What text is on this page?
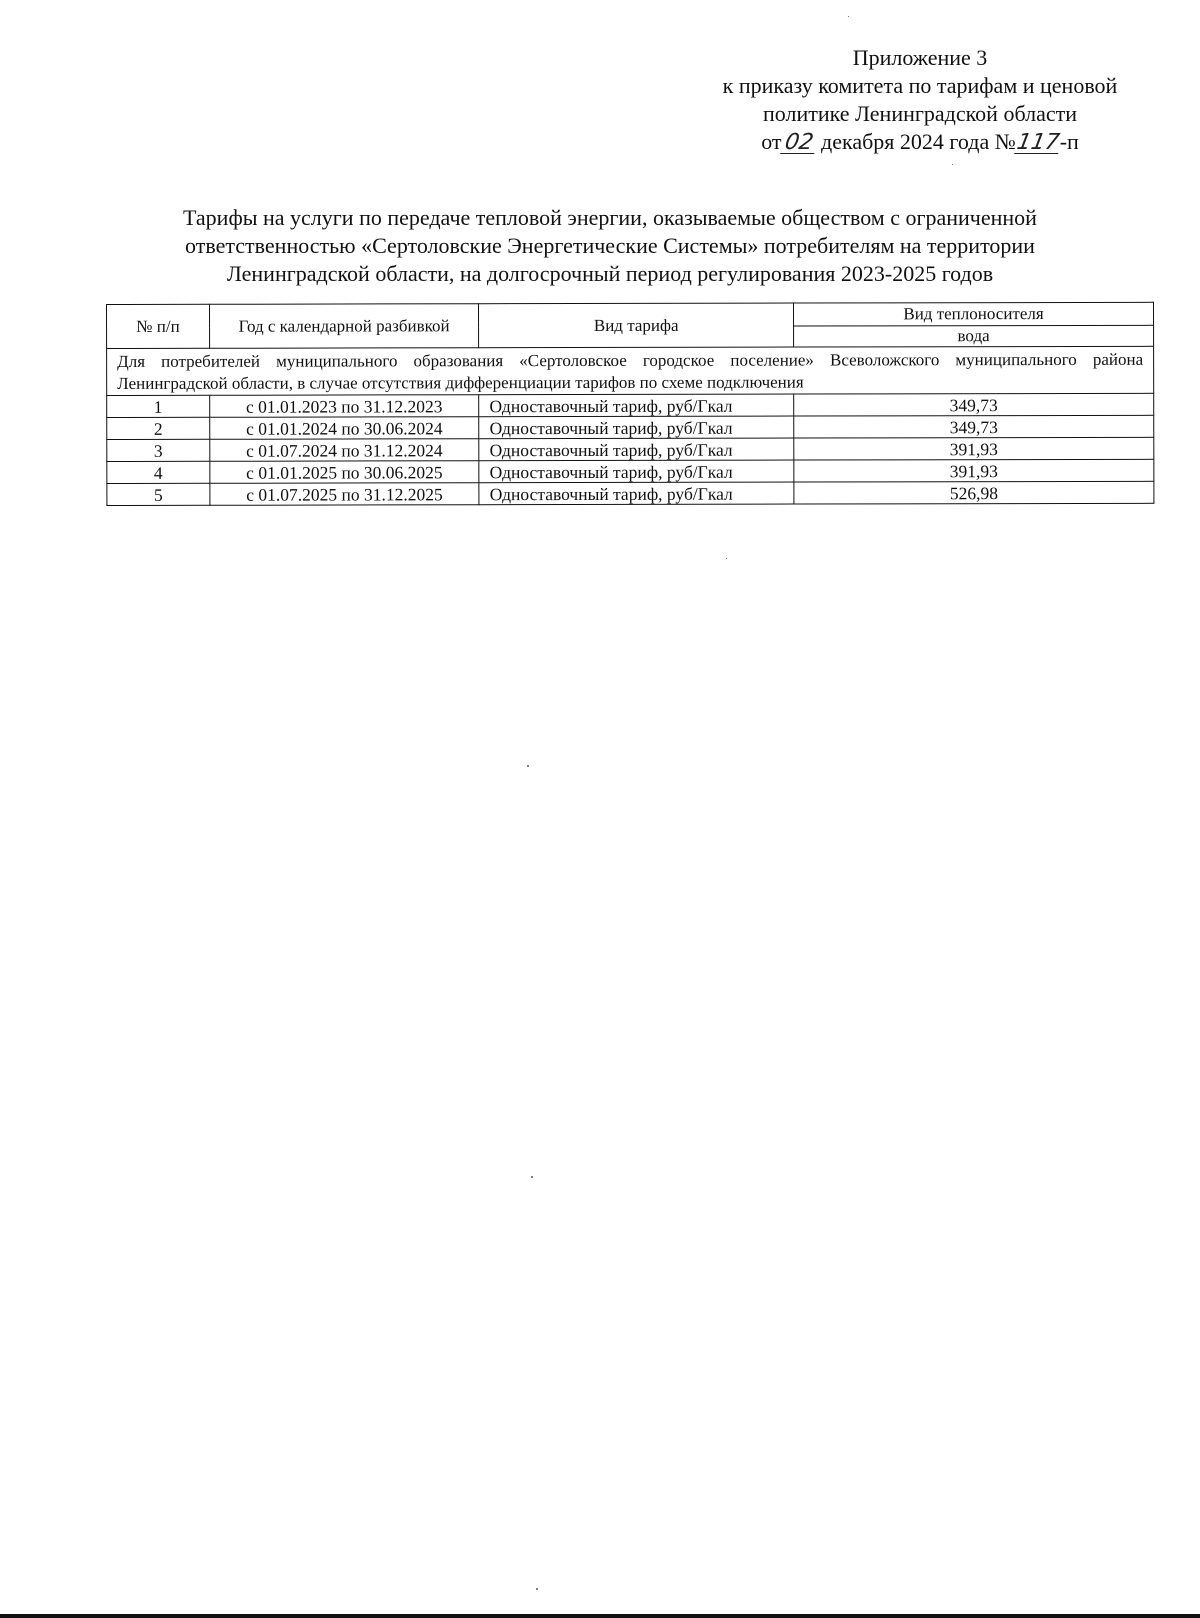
Приложение 3
к приказу комитета по тарифам и ценовой
политике Ленинградской области
от02 декабря 2024 года №117-п
Тарифы на услуги по передаче тепловой энергии, оказываемые обществом с ограниченной
ответственностью «Сертоловские Энергетические Системы» потребителям на территории
Ленинградской области, на долгосрочный период регулирования 2023-2025 годов
№ п/п	Год с календарной разбивкой	Вид тарифа	Вид теплоносителя
			вода
Для потребителей муниципального образования «Сертоловское городское поселение» Всеволожского муниципального района Ленинградской области, в случае отсутствия дифференциации тарифов по схеме подключения			
1	с 01.01.2023 по 31.12.2023	Одноставочный тариф, руб/Гкал	349,73
2	с 01.01.2024 по 30.06.2024	Одноставочный тариф, руб/Гкал	349,73
3	с 01.07.2024 по 31.12.2024	Одноставочный тариф, руб/Гкал	391,93
4	с 01.01.2025 по 30.06.2025	Одноставочный тариф, руб/Гкал	391,93
5	с 01.07.2025 по 31.12.2025	Одноставочный тариф, руб/Гкал	526,98
